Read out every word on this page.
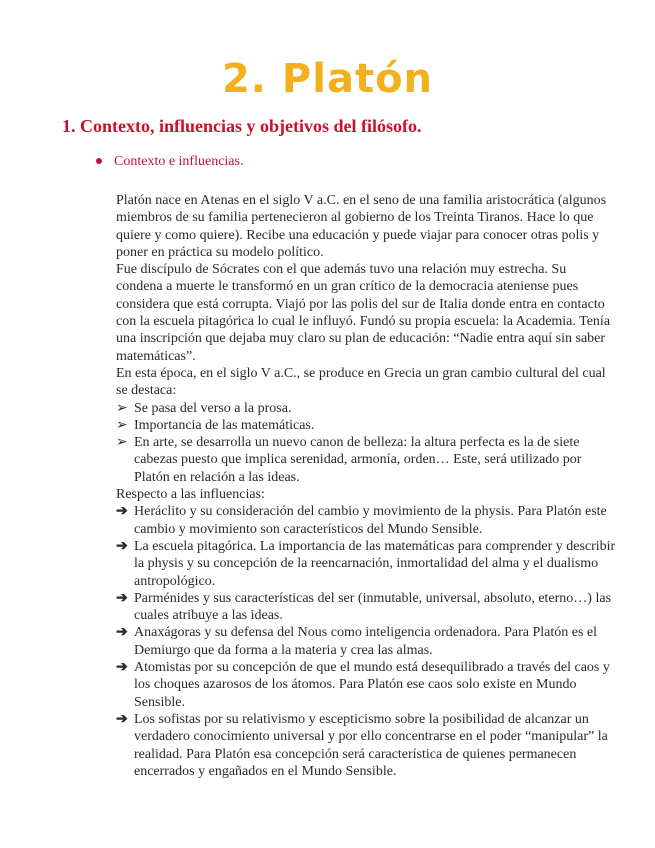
2. Platón
1. Contexto, influencias y objetivos del filósofo.
Contexto e influencias.

Platón nace en Atenas en el siglo V a.C. en el seno de una familia aristocrática (algunos miembros de su familia pertenecieron al gobierno de los Treinta Tiranos. Hace lo que quiere y como quiere). Recibe una educación y puede viajar para conocer otras polis y poner en práctica su modelo político.

Fue discípulo de Sócrates con el que además tuvo una relación muy estrecha. Su condena a muerte le transformó en un gran crítico de la democracia ateniense pues considera que está corrupta. Viajó por las polis del sur de Italia donde entra en contacto con la escuela pitagórica lo cual le influyó. Fundó su propia escuela: la Academia. Tenía una inscripción que dejaba muy claro su plan de educación: “Nadie entra aquí sin saber matemáticas”.

En esta época, en el siglo V a.C., se produce en Grecia un gran cambio cultural del cual se destaca:

➢ Se pasa del verso a la prosa.
➢ Importancia de las matemáticas.
➢ En arte, se desarrolla un nuevo canon de belleza: la altura perfecta es la de siete cabezas puesto que implica serenidad, armonía, orden… Este, será utilizado por Platón en relación a las ideas.

Respecto a las influencias:

➔ Heráclito y su consideración del cambio y movimiento de la physis. Para Platón este cambio y movimiento son característicos del Mundo Sensible.
➔ La escuela pitagórica. La importancia de las matemáticas para comprender y describir la physis y su concepción de la reencarnación, inmortalidad del alma y el dualismo antropológico.
➔ Parménides y sus características del ser (inmutable, universal, absoluto, eterno…) las cuales atribuye a las ideas.
➔ Anaxágoras y su defensa del Nous como inteligencia ordenadora. Para Platón es el Demiurgo que da forma a la materia y crea las almas.
➔ Atomistas por su concepción de que el mundo está desequilibrado a través del caos y los choques azarosos de los átomos. Para Platón ese caos solo existe en Mundo Sensible.
➔ Los sofistas por su relativismo y escepticismo sobre la posibilidad de alcanzar un verdadero conocimiento universal y por ello concentrarse en el poder “manipular” la realidad. Para Platón esa concepción será característica de quienes permanecen encerrados y engañados en el Mundo Sensible.
